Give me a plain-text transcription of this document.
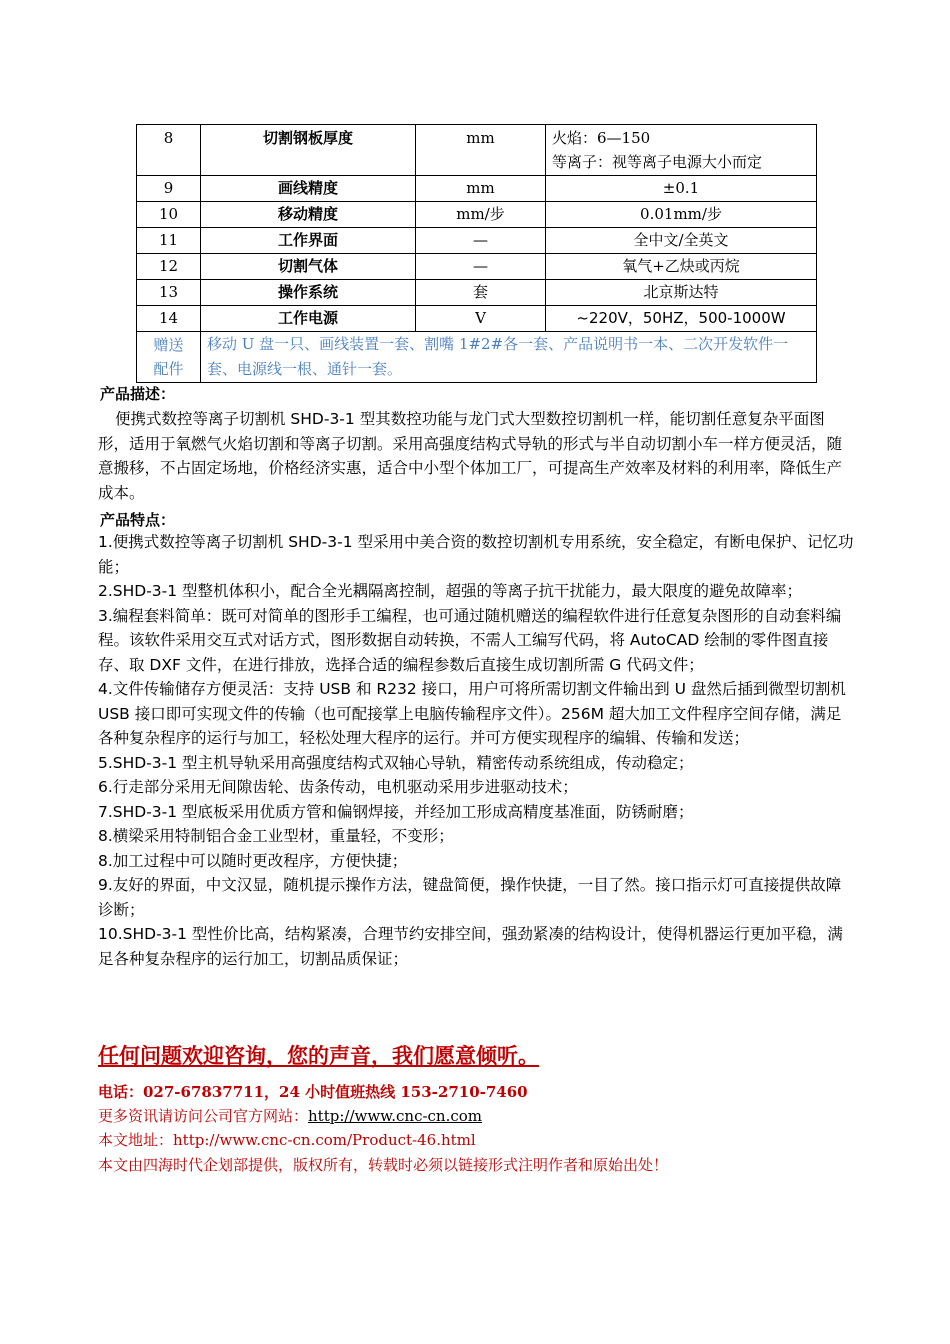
8	切割钢板厚度	mm	火焰：6—150
等离子：视等离子电源大小而定

9	画线精度	mm	±0.1
10	移动精度	mm/步	0.01mm/步
11	工作界面	—	全中文/全英文
12	切割气体	—	氧气+乙炔或丙烷
13	操作系统	套	北京斯达特
14	工作电源	V	~220V，50HZ，500-1000W

赠送
配件	移动 U 盘一只、画线装置一套、割嘴 1#2#各一套、产品说明书一本、二次开发软件一套、电源线一根、通针一套。		
产品描述：
便携式数控等离子切割机 SHD-3-1 型其数控功能与龙门式大型数控切割机一样，能切割任意复杂平面图形，适用于氧燃气火焰切割和等离子切割。采用高强度结构式导轨的形式与半自动切割小车一样方便灵活，随意搬移，不占固定场地，价格经济实惠，适合中小型个体加工厂，可提高生产效率及材料的利用率，降低生产成本。
产品特点：
1.便携式数控等离子切割机 SHD-3-1 型采用中美合资的数控切割机专用系统，安全稳定，有断电保护、记忆功能；
2.SHD-3-1 型整机体积小，配合全光耦隔离控制，超强的等离子抗干扰能力，最大限度的避免故障率；
3.编程套料简单：既可对简单的图形手工编程，也可通过随机赠送的编程软件进行任意复杂图形的自动套料编程。该软件采用交互式对话方式，图形数据自动转换，不需人工编写代码，将 AutoCAD 绘制的零件图直接存、取 DXF 文件，在进行排放，选择合适的编程参数后直接生成切割所需 G 代码文件；
4.文件传输储存方便灵活：支持 USB 和 R232 接口，用户可将所需切割文件输出到 U 盘然后插到微型切割机 USB 接口即可实现文件的传输（也可配接掌上电脑传输程序文件）。256M 超大加工文件程序空间存储，满足各种复杂程序的运行与加工，轻松处理大程序的运行。并可方便实现程序的编辑、传输和发送；
5.SHD-3-1 型主机导轨采用高强度结构式双轴心导轨，精密传动系统组成，传动稳定；
6.行走部分采用无间隙齿轮、齿条传动，电机驱动采用步进驱动技术；
7.SHD-3-1 型底板采用优质方管和偏钢焊接，并经加工形成高精度基准面，防锈耐磨；
8.横梁采用特制铝合金工业型材，重量轻，不变形；
8.加工过程中可以随时更改程序，方便快捷；
9.友好的界面，中文汉显，随机提示操作方法，键盘简便，操作快捷，一目了然。接口指示灯可直接提供故障诊断；
10.SHD-3-1 型性价比高，结构紧凑，合理节约安排空间，强劲紧凑的结构设计，使得机器运行更加平稳，满足各种复杂程序的运行加工，切割品质保证；
任何问题欢迎咨询，您的声音，我们愿意倾听。
电话：027-67837711，24 小时值班热线 153-2710-7460
更多资讯请访问公司官方网站：http://www.cnc-cn.com
本文地址：http://www.cnc-cn.com/Product-46.html
本文由四海时代企划部提供，版权所有，转载时必须以链接形式注明作者和原始出处！
